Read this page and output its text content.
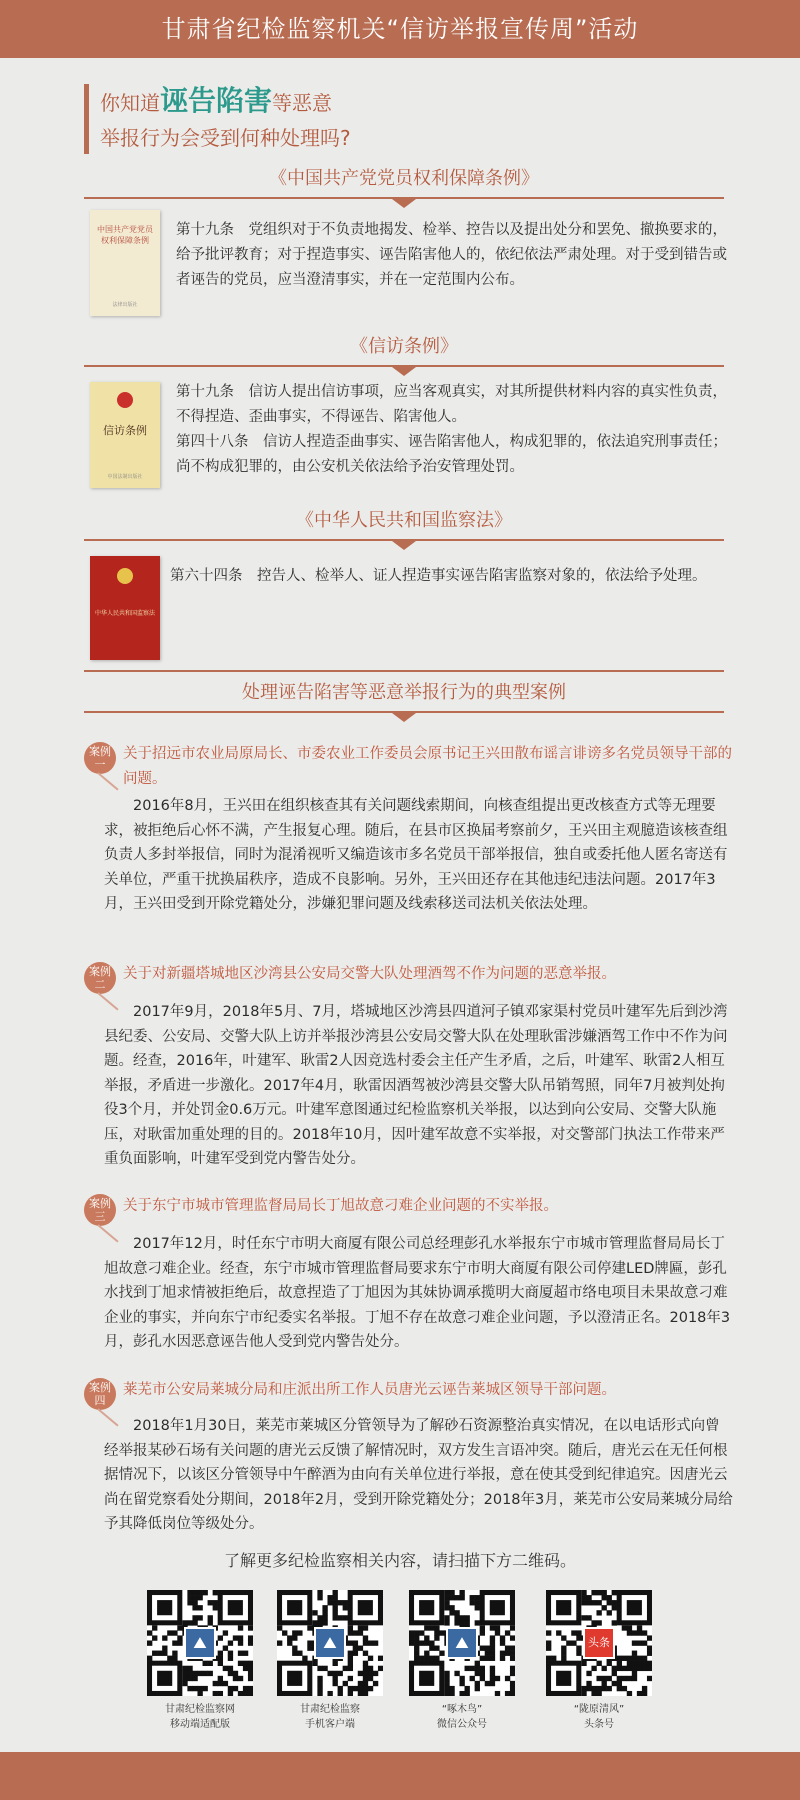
甘肃省纪检监察机关“信访举报宣传周”活动
你知道诬告陷害等恶意
举报行为会受到何种处理吗?
《中国共产党党员权利保障条例》
中国共产党党员权利保障条例
法律出版社

第十九条　党组织对于不负责地揭发、检举、控告以及提出处分和罢免、撤换要求的，给予批评教育；对于捏造事实、诬告陷害他人的，依纪依法严肃处理。对于受到错告或者诬告的党员，应当澄清事实，并在一定范围内公布。

《信访条例》
信访条例
中国法制出版社

第十九条　信访人提出信访事项，应当客观真实，对其所提供材料内容的真实性负责，不得捏造、歪曲事实，不得诬告、陷害他人。

第四十八条　信访人捏造歪曲事实、诬告陷害他人，构成犯罪的，依法追究刑事责任；尚不构成犯罪的，由公安机关依法给予治安管理处罚。

《中华人民共和国监察法》
中华人民共和国监察法

第六十四条　控告人、检举人、证人捏造事实诬告陷害监察对象的，依法给予处理。

处理诬告陷害等恶意举报行为的典型案例
案例
一
关于招远市农业局原局长、市委农业工作委员会原书记王兴田散布谣言诽谤多名党员领导干部的问题。
2016年8月，王兴田在组织核查其有关问题线索期间，向核查组提出更改核查方式等无理要求，被拒绝后心怀不满，产生报复心理。随后，在县市区换届考察前夕，王兴田主观臆造该核查组负责人多封举报信，同时为混淆视听又编造该市多名党员干部举报信，独自或委托他人匿名寄送有关单位，严重干扰换届秩序，造成不良影响。另外，王兴田还存在其他违纪违法问题。2017年3月，王兴田受到开除党籍处分，涉嫌犯罪问题及线索移送司法机关依法处理。
案例
二
关于对新疆塔城地区沙湾县公安局交警大队处理酒驾不作为问题的恶意举报。
2017年9月，2018年5月、7月，塔城地区沙湾县四道河子镇邓家渠村党员叶建军先后到沙湾县纪委、公安局、交警大队上访并举报沙湾县公安局交警大队在处理耿雷涉嫌酒驾工作中不作为问题。经查，2016年，叶建军、耿雷2人因竞选村委会主任产生矛盾，之后，叶建军、耿雷2人相互举报，矛盾进一步激化。2017年4月，耿雷因酒驾被沙湾县交警大队吊销驾照，同年7月被判处拘役3个月，并处罚金0.6万元。叶建军意图通过纪检监察机关举报，以达到向公安局、交警大队施压，对耿雷加重处理的目的。2018年10月，因叶建军故意不实举报，对交警部门执法工作带来严重负面影响，叶建军受到党内警告处分。
案例
三
关于东宁市城市管理监督局局长丁旭故意刁难企业问题的不实举报。
2017年12月，时任东宁市明大商厦有限公司总经理彭孔水举报东宁市城市管理监督局局长丁旭故意刁难企业。经查，东宁市城市管理监督局要求东宁市明大商厦有限公司停建LED牌匾，彭孔水找到丁旭求情被拒绝后，故意捏造了丁旭因为其妹协调承揽明大商厦超市络电项目未果故意刁难企业的事实，并向东宁市纪委实名举报。丁旭不存在故意刁难企业问题，予以澄清正名。2018年3月，彭孔水因恶意诬告他人受到党内警告处分。
案例
四
莱芜市公安局莱城分局和庄派出所工作人员唐光云诬告莱城区领导干部问题。
2018年1月30日，莱芜市莱城区分管领导为了解砂石资源整治真实情况，在以电话形式向曾经举报某砂石场有关问题的唐光云反馈了解情况时，双方发生言语冲突。随后，唐光云在无任何根据情况下，以该区分管领导中午醉酒为由向有关单位进行举报，意在使其受到纪律追究。因唐光云尚在留党察看处分期间，2018年2月，受到开除党籍处分；2018年3月，莱芜市公安局莱城分局给予其降低岗位等级处分。
了解更多纪检监察相关内容，请扫描下方二维码。
⛰	⛰	⛰	头条
甘肃纪检监察网
移动端适配版
甘肃纪检监察
手机客户端
“啄木鸟”
微信公众号
“陇原清风”
头条号
